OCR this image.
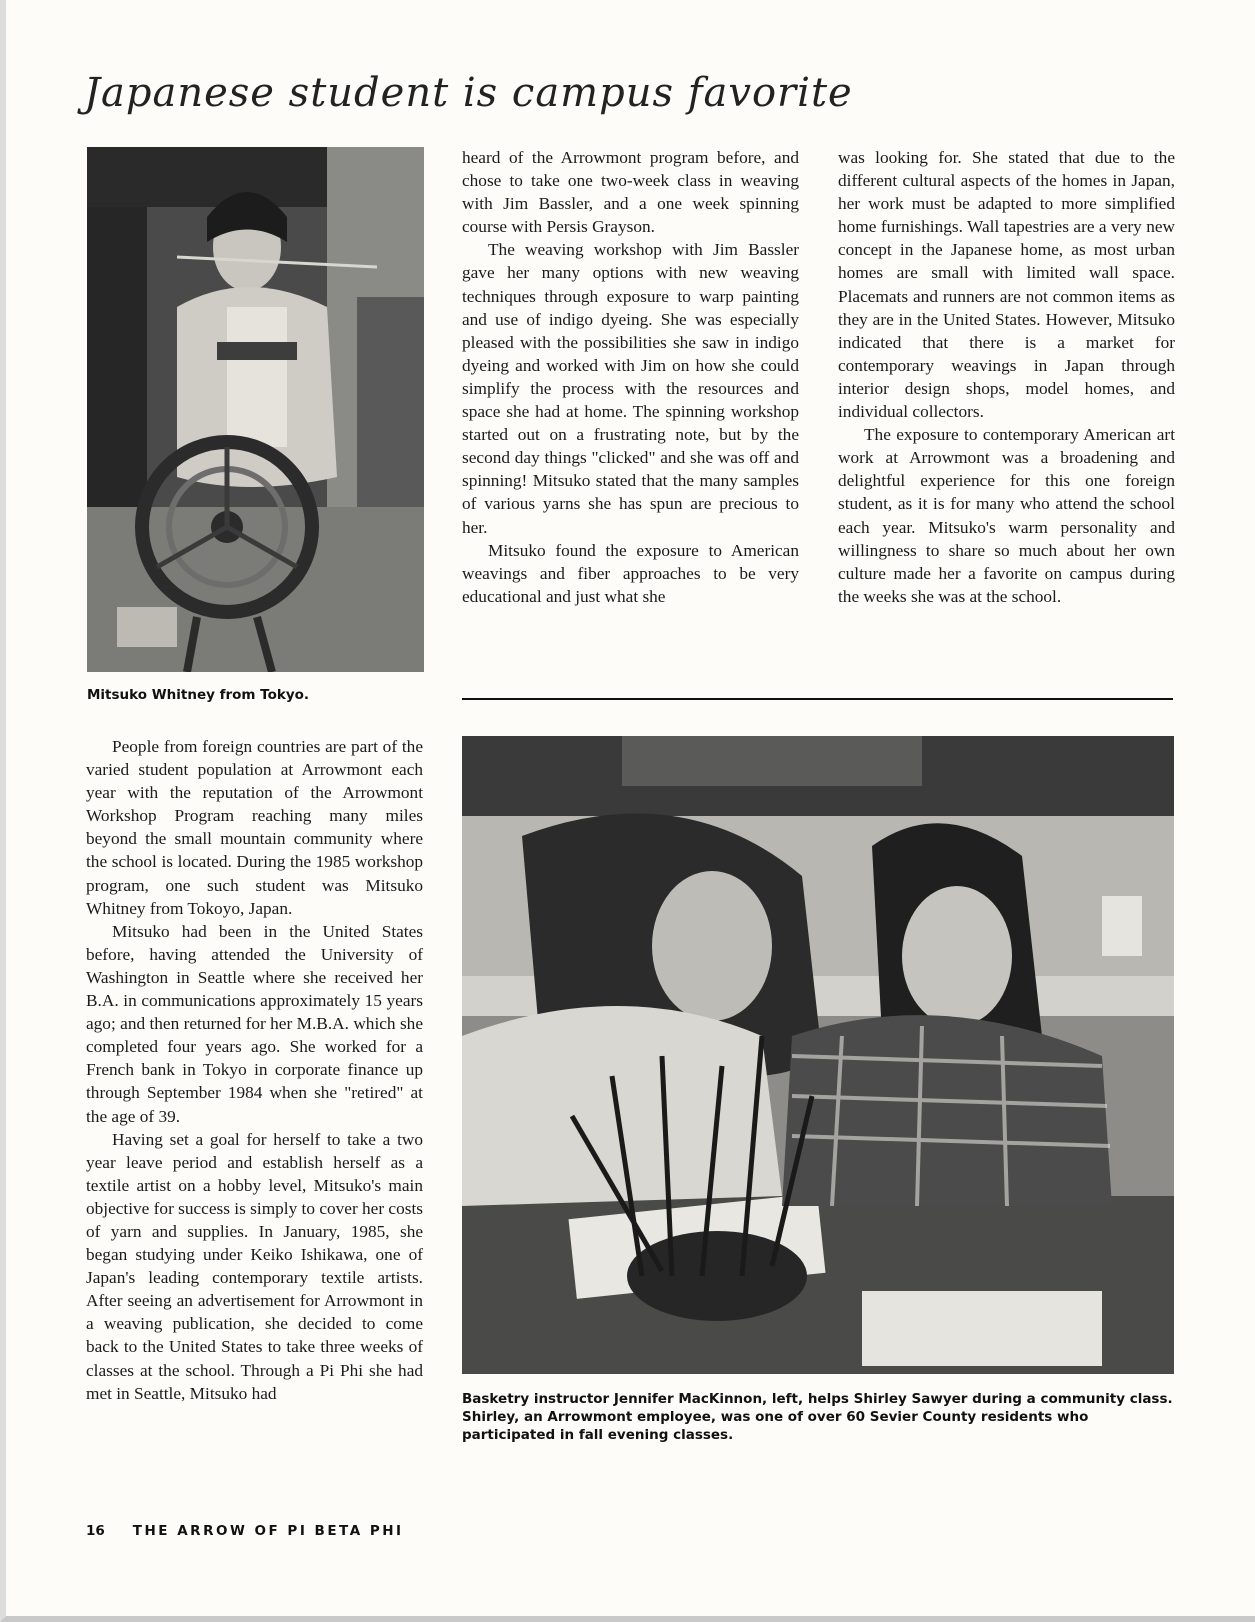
Japanese student is campus favorite
Mitsuko Whitney from Tokyo.

heard of the Arrowmont program before, and chose to take one two-week class in weaving with Jim Bassler, and a one week spinning course with Persis Grayson.

The weaving workshop with Jim Bassler gave her many options with new weaving techniques through exposure to warp painting and use of indigo dyeing. She was especially pleased with the possibilities she saw in indigo dyeing and worked with Jim on how she could simplify the process with the resources and space she had at home. The spinning workshop started out on a frustrating note, but by the second day things "clicked" and she was off and spinning! Mitsuko stated that the many samples of various yarns she has spun are precious to her.

Mitsuko found the exposure to American weavings and fiber approaches to be very educational and just what she

was looking for. She stated that due to the different cultural aspects of the homes in Japan, her work must be adapted to more simplified home furnishings. Wall tapestries are a very new concept in the Japanese home, as most urban homes are small with limited wall space. Placemats and runners are not common items as they are in the United States. However, Mitsuko indicated that there is a market for contemporary weavings in Japan through interior design shops, model homes, and individual collectors.

The exposure to contemporary American art work at Arrowmont was a broadening and delightful experience for this one foreign student, as it is for many who attend the school each year. Mitsuko's warm personality and willingness to share so much about her own culture made her a favorite on campus during the weeks she was at the school.

People from foreign countries are part of the varied student population at Arrowmont each year with the reputation of the Arrowmont Workshop Program reaching many miles beyond the small mountain community where the school is located. During the 1985 workshop program, one such student was Mitsuko Whitney from Tokoyo, Japan.

Mitsuko had been in the United States before, having attended the University of Washington in Seattle where she received her B.A. in communications approximately 15 years ago; and then returned for her M.B.A. which she completed four years ago. She worked for a French bank in Tokyo in corporate finance up through September 1984 when she "retired" at the age of 39.

Having set a goal for herself to take a two year leave period and establish herself as a textile artist on a hobby level, Mitsuko's main objective for success is simply to cover her costs of yarn and supplies. In January, 1985, she began studying under Keiko Ishikawa, one of Japan's leading contemporary textile artists. After seeing an advertisement for Arrowmont in a weaving publication, she decided to come back to the United States to take three weeks of classes at the school. Through a Pi Phi she had met in Seattle, Mitsuko had	Basketry instructor Jennifer MacKinnon, left, helps Shirley Sawyer during a community class. Shirley, an Arrowmont employee, was one of over 60 Sevier County residents who participated in fall evening classes.
16 THE ARROW OF PI BETA PHI
